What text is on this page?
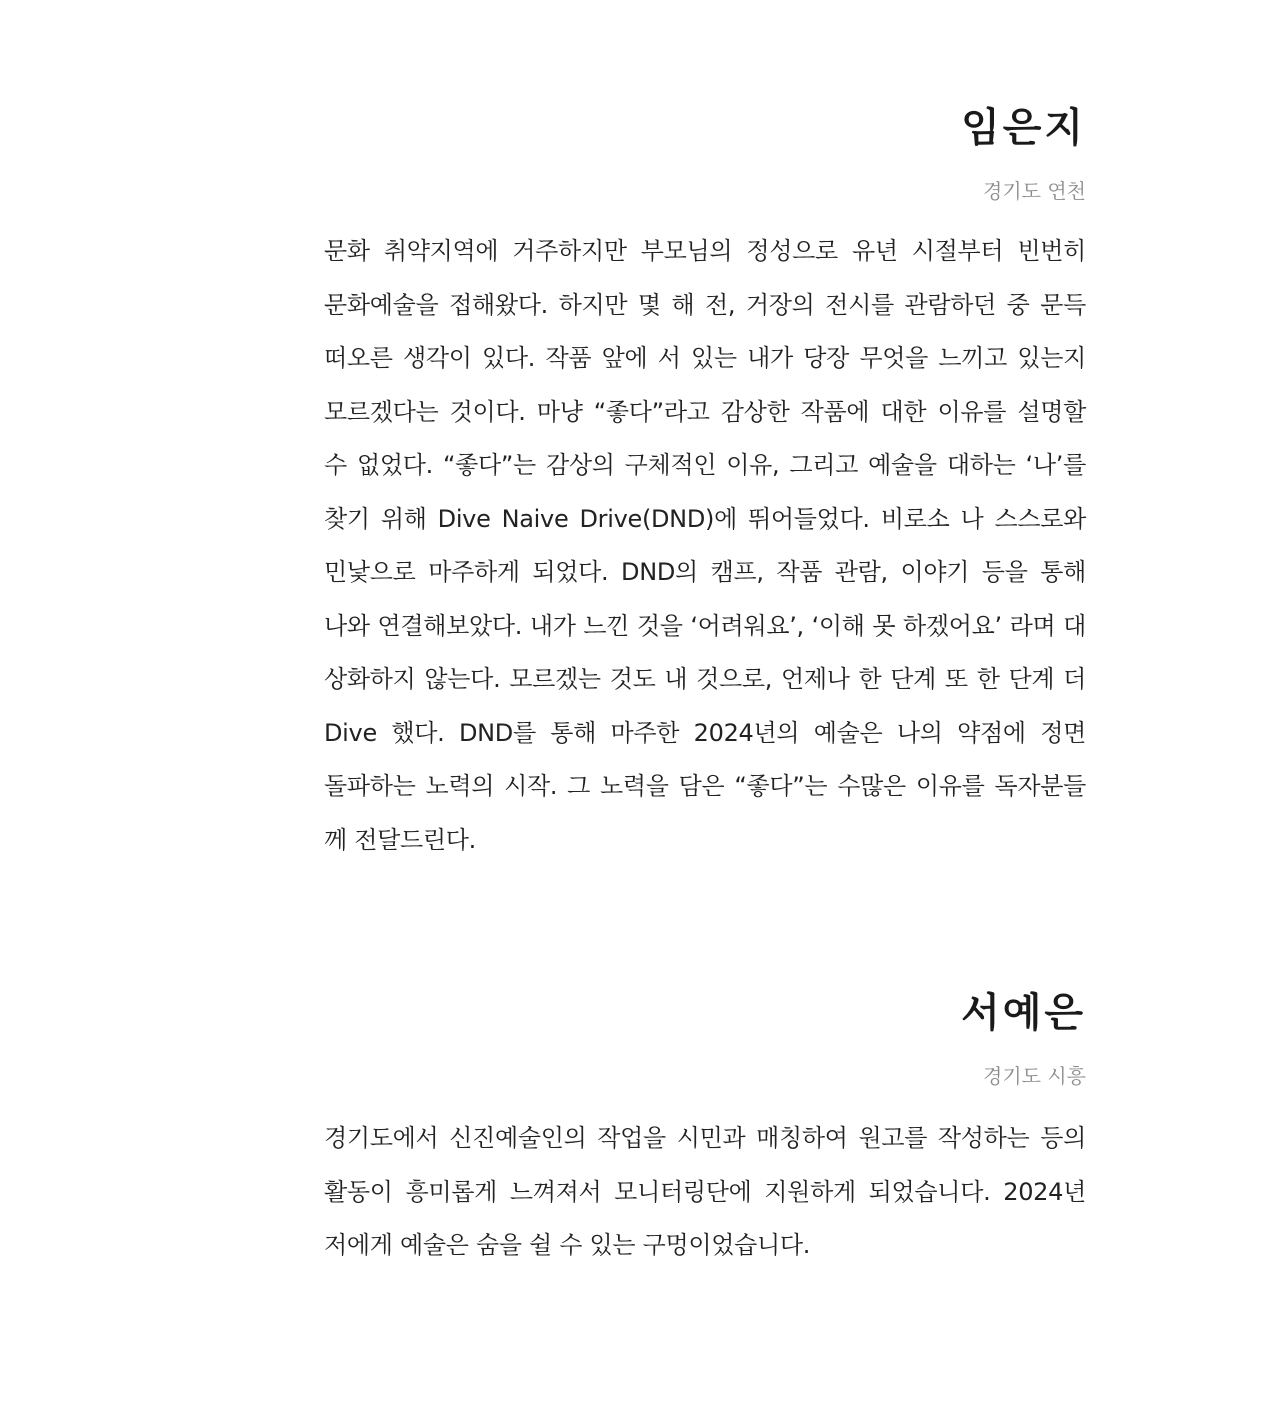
임은지
경기도 연천
문화 취약지역에 거주하지만 부모님의 정성으로 유년 시절부터 빈번히
문화예술을 접해왔다. 하지만 몇 해 전, 거장의 전시를 관람하던 중 문득
떠오른 생각이 있다. 작품 앞에 서 있는 내가 당장 무엇을 느끼고 있는지
모르겠다는 것이다. 마냥 “좋다”라고 감상한 작품에 대한 이유를 설명할
수 없었다. “좋다”는 감상의 구체적인 이유, 그리고 예술을 대하는 ‘나’를
찾기 위해 Dive Naive Drive(DND)에 뛰어들었다. 비로소 나 스스로와
민낯으로 마주하게 되었다. DND의 캠프, 작품 관람, 이야기 등을 통해
나와 연결해보았다. 내가 느낀 것을 ‘어려워요’, ‘이해 못 하겠어요’ 라며 대
상화하지 않는다. 모르겠는 것도 내 것으로, 언제나 한 단계 또 한 단계 더
Dive 했다. DND를 통해 마주한 2024년의 예술은 나의 약점에 정면
돌파하는 노력의 시작. 그 노력을 담은 “좋다”는 수많은 이유를 독자분들
께 전달드린다.
서예은
경기도 시흥
경기도에서 신진예술인의 작업을 시민과 매칭하여 원고를 작성하는 등의
활동이 흥미롭게 느껴져서 모니터링단에 지원하게 되었습니다. 2024년
저에게 예술은 숨을 쉴 수 있는 구멍이었습니다.
